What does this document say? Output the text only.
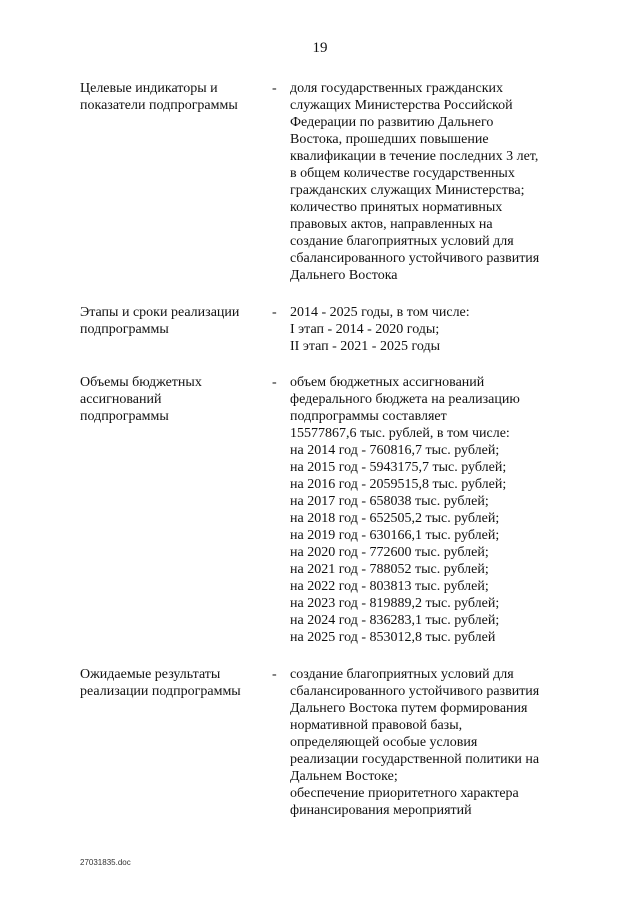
19
Целевые индикаторы и
показатели подпрограммы
- доля государственных гражданских
служащих Министерства Российской
Федерации по развитию Дальнего
Востока, прошедших повышение
квалификации в течение последних 3 лет,
в общем количестве государственных
гражданских служащих Министерства;
количество принятых нормативных
правовых актов, направленных на
создание благоприятных условий для
сбалансированного устойчивого развития
Дальнего Востока
Этапы и сроки реализации
подпрограммы
- 2014 - 2025 годы, в том числе:
I этап - 2014 - 2020 годы;
II этап - 2021 - 2025 годы
Объемы бюджетных
ассигнований
подпрограммы
- объем бюджетных ассигнований
федерального бюджета на реализацию
подпрограммы составляет
15577867,6 тыс. рублей, в том числе:
на 2014 год - 760816,7 тыс. рублей;
на 2015 год - 5943175,7 тыс. рублей;
на 2016 год - 2059515,8 тыс. рублей;
на 2017 год - 658038 тыс. рублей;
на 2018 год - 652505,2 тыс. рублей;
на 2019 год - 630166,1 тыс. рублей;
на 2020 год - 772600 тыс. рублей;
на 2021 год - 788052 тыс. рублей;
на 2022 год - 803813 тыс. рублей;
на 2023 год - 819889,2 тыс. рублей;
на 2024 год - 836283,1 тыс. рублей;
на 2025 год - 853012,8 тыс. рублей
Ожидаемые результаты
реализации подпрограммы
- создание благоприятных условий для
сбалансированного устойчивого развития
Дальнего Востока путем формирования
нормативной правовой базы,
определяющей особые условия
реализации государственной политики на
Дальнем Востоке;
обеспечение приоритетного характера
финансирования мероприятий
27031835.doc
